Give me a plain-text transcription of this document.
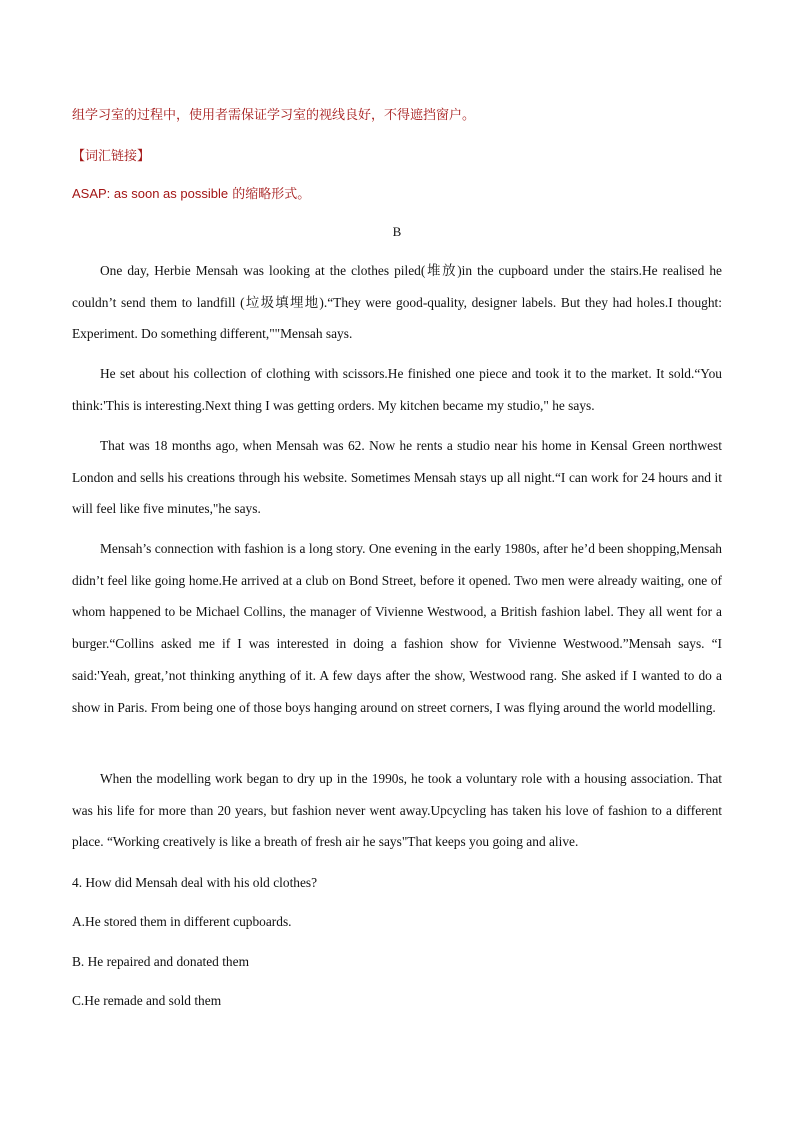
组学习室的过程中，使用者需保证学习室的视线良好，不得遮挡窗户。
【词汇链接】
ASAP: as soon as possible 的缩略形式。
B

One day, Herbie Mensah was looking at the clothes piled(堆放)in the cupboard under the stairs.He realised he couldn’t send them to landfill (垃圾填埋地).“They were good-quality, designer labels. But they had holes.I thought: Experiment. Do something different,""Mensah says.

He set about his collection of clothing with scissors.He finished one piece and took it to the market. It sold.“You think:'This is interesting.Next thing I was getting orders. My kitchen became my studio," he says.

That was 18 months ago, when Mensah was 62. Now he rents a studio near his home in Kensal Green northwest London and sells his creations through his website. Sometimes Mensah stays up all night.“I can work for 24 hours and it will feel like five minutes,"he says.

Mensah’s connection with fashion is a long story. One evening in the early 1980s, after he’d been shopping,Mensah didn’t feel like going home.He arrived at a club on Bond Street, before it opened. Two men were already waiting, one of whom happened to be Michael Collins, the manager of Vivienne Westwood, a British fashion label. They all went for a burger.“Collins asked me if I was interested in doing a fashion show for Vivienne Westwood.”Mensah says. “I said:'Yeah, great,’not thinking anything of it. A few days after the show, Westwood rang. She asked if I wanted to do a show in Paris. From being one of those boys hanging around on street corners, I was flying around the world modelling.

When the modelling work began to dry up in the 1990s, he took a voluntary role with a housing association. That was his life for more than 20 years, but fashion never went away.Upcycling has taken his love of fashion to a different place. “Working creatively is like a breath of fresh air he says"That keeps you going and alive.

4. How did Mensah deal with his old clothes?
A.He stored them in different cupboards.
B. He repaired and donated them
C.He remade and sold them
